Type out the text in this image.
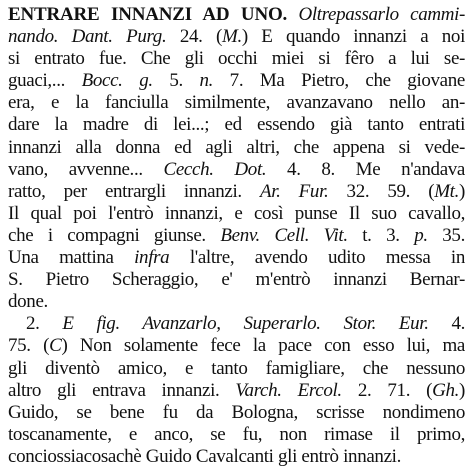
ENTRARE INNANZI AD UNO. Oltrepassarlo cammi-
nando. Dant. Purg. 24. (M.) E quando innanzi a noi
si entrato fue. Che gli occhi miei si fêro a lui se-
guaci,... Bocc. g. 5. n. 7. Ma Pietro, che giovane
era, e la fanciulla similmente, avanzavano nello an-
dare la madre di lei...; ed essendo già tanto entrati
innanzi alla donna ed agli altri, che appena si vede-
vano, avvenne... Cecch. Dot. 4. 8. Me n'andava
ratto, per entrargli innanzi. Ar. Fur. 32. 59. (Mt.)
Il qual poi l'entrò innanzi, e così punse Il suo cavallo,
che i compagni giunse. Benv. Cell. Vit. t. 3. p. 35.
Una mattina infra l'altre, avendo udito messa in
S. Pietro Scheraggio, e' m'entrò innanzi Bernar-
done.
2. E fig. Avanzarlo, Superarlo. Stor. Eur. 4.
75. (C) Non solamente fece la pace con esso lui, ma
gli diventò amico, e tanto famigliare, che nessuno
altro gli entrava innanzi. Varch. Ercol. 2. 71. (Gh.)
Guido, se bene fu da Bologna, scrisse nondimeno
toscanamente, e anco, se fu, non rimase il primo,
conciossiacosachè Guido Cavalcanti gli entrò innanzi.
